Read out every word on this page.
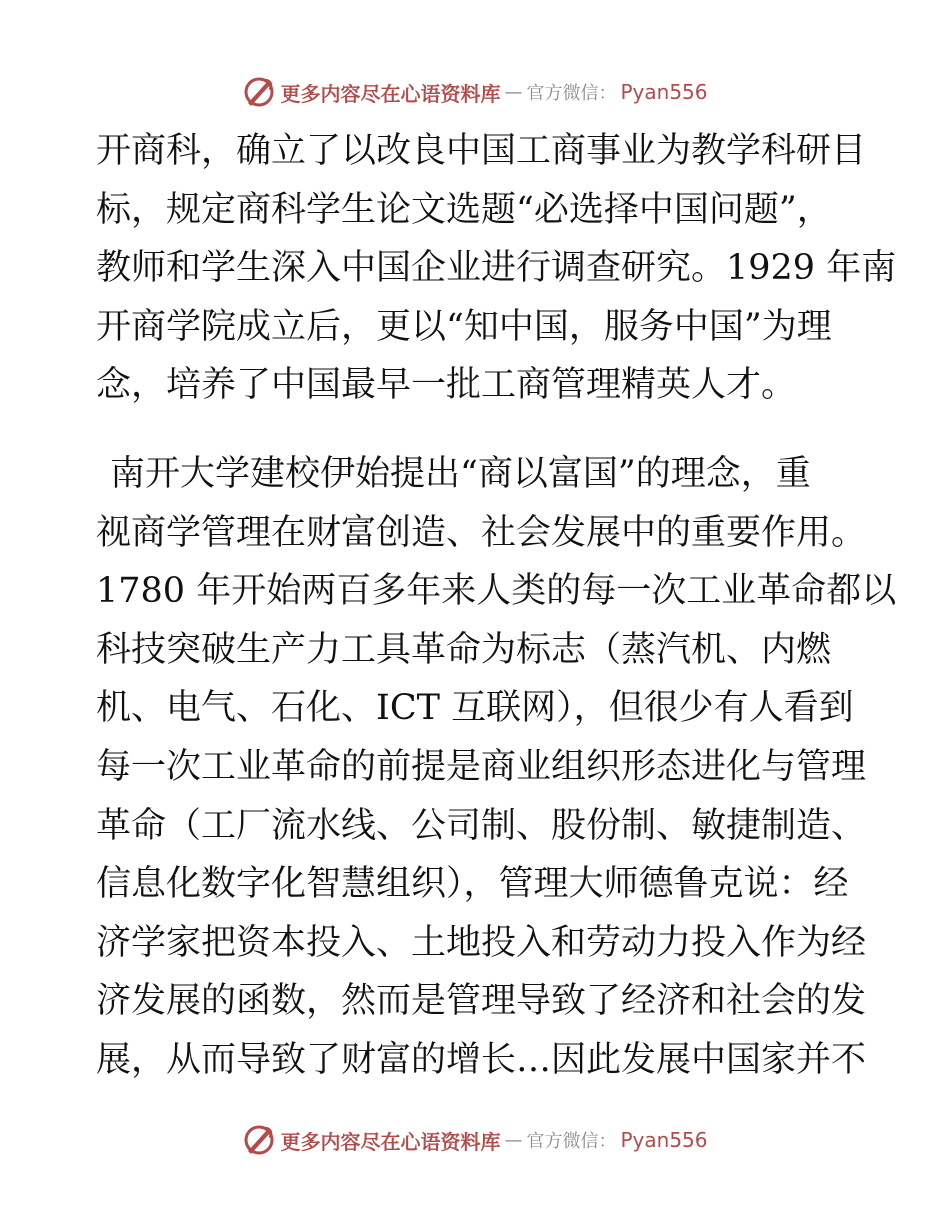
更多内容尽在心语资料库 — 官方微信： Pyan556
开商科，确立了以改良中国工商事业为教学科研目
标，规定商科学生论文选题“必选择中国问题”，
教师和学生深入中国企业进行调查研究。1929 年南
开商学院成立后，更以“知中国，服务中国”为理
念，培养了中国最早一批工商管理精英人才。
南开大学建校伊始提出“商以富国”的理念，重
视商学管理在财富创造、社会发展中的重要作用。
1780 年开始两百多年来人类的每一次工业革命都以
科技突破生产力工具革命为标志（蒸汽机、内燃
机、电气、石化、ICT 互联网），但很少有人看到
每一次工业革命的前提是商业组织形态进化与管理
革命（工厂流水线、公司制、股份制、敏捷制造、
信息化数字化智慧组织），管理大师德鲁克说：经
济学家把资本投入、土地投入和劳动力投入作为经
济发展的函数，然而是管理导致了经济和社会的发
展，从而导致了财富的增长…因此发展中国家并不
更多内容尽在心语资料库 — 官方微信： Pyan556
